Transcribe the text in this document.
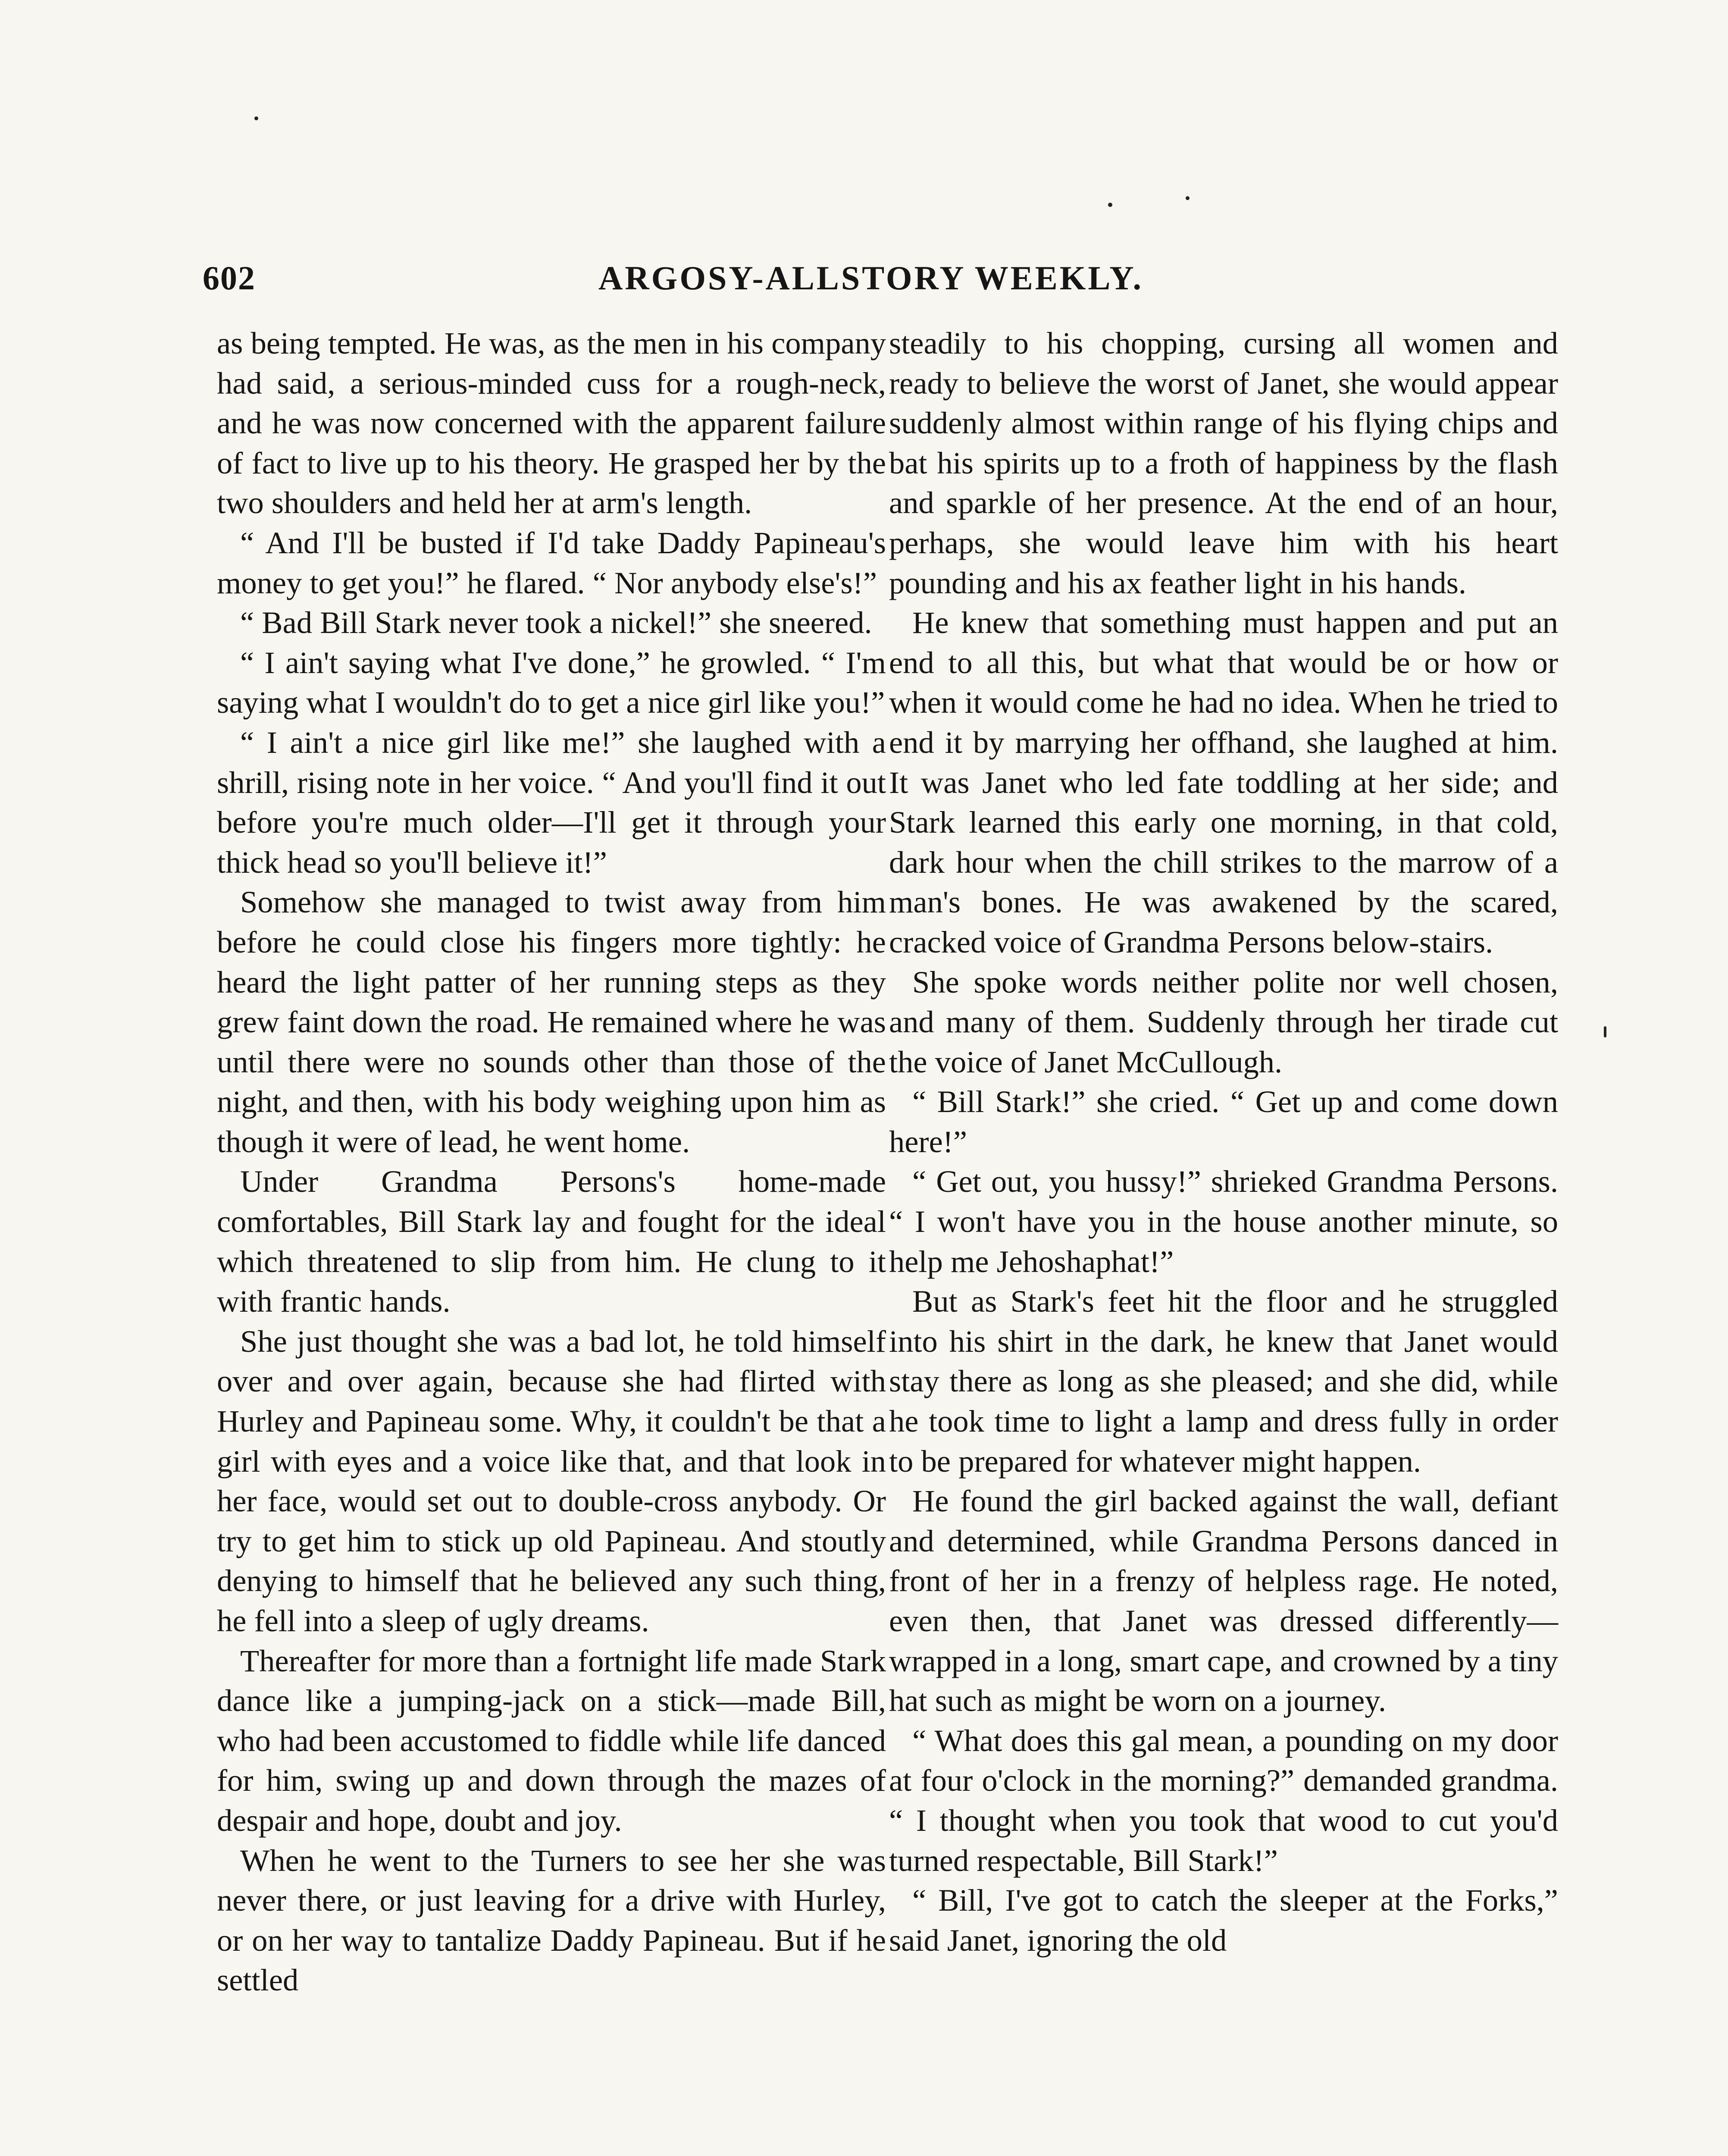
602	ARGOSY-ALLSTORY WEEKLY.

as being tempted. He was, as the men in his company had said, a serious-minded cuss for a rough-neck, and he was now concerned with the apparent failure of fact to live up to his theory. He grasped her by the two shoulders and held her at arm's length.

“ And I'll be busted if I'd take Daddy Papineau's money to get you!” he flared. “ Nor anybody else's!”

“ Bad Bill Stark never took a nickel!” she sneered.

“ I ain't saying what I've done,” he growled. “ I'm saying what I wouldn't do to get a nice girl like you!”

“ I ain't a nice girl like me!” she laughed with a shrill, rising note in her voice. “ And you'll find it out before you're much older—I'll get it through your thick head so you'll believe it!”

Somehow she managed to twist away from him before he could close his fingers more tightly: he heard the light patter of her running steps as they grew faint down the road. He remained where he was until there were no sounds other than those of the night, and then, with his body weighing upon him as though it were of lead, he went home.

Under Grandma Persons's home-made comfortables, Bill Stark lay and fought for the ideal which threatened to slip from him. He clung to it with frantic hands.

She just thought she was a bad lot, he told himself over and over again, because she had flirted with Hurley and Papineau some. Why, it couldn't be that a girl with eyes and a voice like that, and that look in her face, would set out to double-cross anybody. Or try to get him to stick up old Papineau. And stoutly denying to himself that he believed any such thing, he fell into a sleep of ugly dreams.

Thereafter for more than a fortnight life made Stark dance like a jumping-jack on a stick—made Bill, who had been accustomed to fiddle while life danced for him, swing up and down through the mazes of despair and hope, doubt and joy.

When he went to the Turners to see her she was never there, or just leaving for a drive with Hurley, or on her way to tantalize Daddy Papineau. But if he settled

steadily to his chopping, cursing all women and ready to believe the worst of Janet, she would appear suddenly almost within range of his flying chips and bat his spirits up to a froth of happiness by the flash and sparkle of her presence. At the end of an hour, perhaps, she would leave him with his heart pounding and his ax feather light in his hands.

He knew that something must happen and put an end to all this, but what that would be or how or when it would come he had no idea. When he tried to end it by marrying her offhand, she laughed at him. It was Janet who led fate toddling at her side; and Stark learned this early one morning, in that cold, dark hour when the chill strikes to the marrow of a man's bones. He was awakened by the scared, cracked voice of Grandma Persons below-stairs.

She spoke words neither polite nor well chosen, and many of them. Suddenly through her tirade cut the voice of Janet McCullough.

“ Bill Stark!” she cried. “ Get up and come down here!”

“ Get out, you hussy!” shrieked Grandma Persons. “ I won't have you in the house another minute, so help me Jehoshaphat!”

But as Stark's feet hit the floor and he struggled into his shirt in the dark, he knew that Janet would stay there as long as she pleased; and she did, while he took time to light a lamp and dress fully in order to be prepared for whatever might happen.

He found the girl backed against the wall, defiant and determined, while Grandma Persons danced in front of her in a frenzy of helpless rage. He noted, even then, that Janet was dressed differently—wrapped in a long, smart cape, and crowned by a tiny hat such as might be worn on a journey.

“ What does this gal mean, a pounding on my door at four o'clock in the morning?” demanded grandma. “ I thought when you took that wood to cut you'd turned respectable, Bill Stark!”

“ Bill, I've got to catch the sleeper at the Forks,” said Janet, ignoring the old
